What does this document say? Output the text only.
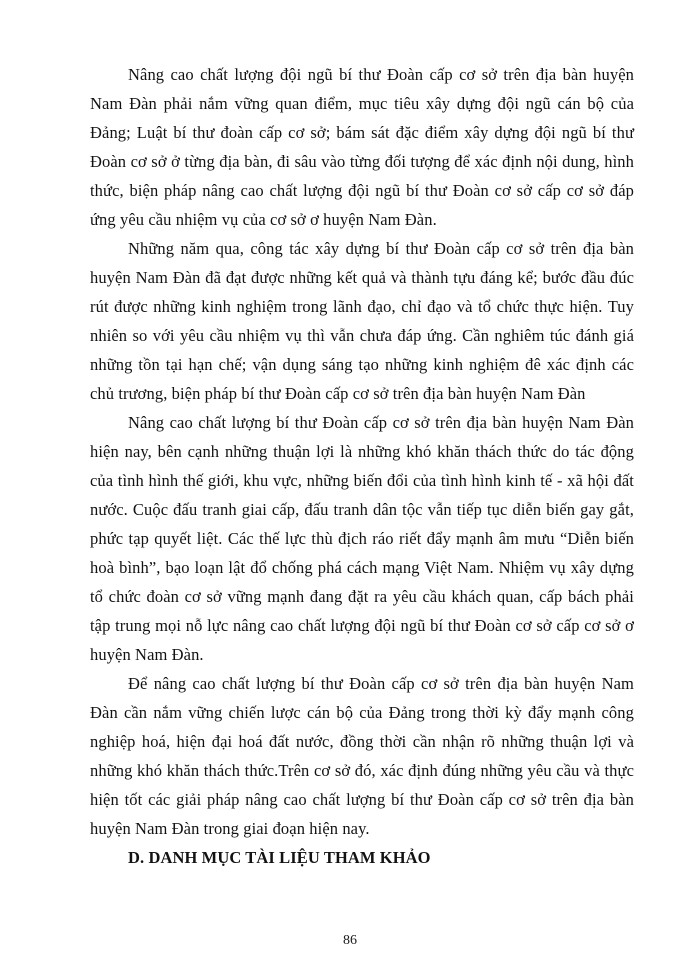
Nâng cao chất lượng đội ngũ bí thư Đoàn cấp cơ sở trên địa bàn huyện Nam Đàn phải nắm vững quan điểm, mục tiêu xây dựng đội ngũ cán bộ của Đảng; Luật bí thư đoàn cấp cơ sở; bám sát đặc điểm xây dựng đội ngũ bí thư Đoàn cơ sở ở từng địa bàn, đi sâu vào từng đối tượng để xác định nội dung, hình thức, biện pháp nâng cao chất lượng đội ngũ bí thư Đoàn cơ sở cấp cơ sở đáp ứng yêu cầu nhiệm vụ của cơ sở ơ huyện Nam Đàn.

Những năm qua, công tác xây dựng bí thư Đoàn cấp cơ sở trên địa bàn huyện Nam Đàn đã đạt được những kết quả và thành tựu đáng kể; bước đầu đúc rút được những kinh nghiệm trong lãnh đạo, chỉ đạo và tổ chức thực hiện. Tuy nhiên so với yêu cầu nhiệm vụ thì vẫn chưa đáp ứng. Cần nghiêm túc đánh giá những tồn tại hạn chế; vận dụng sáng tạo những kinh nghiệm đê xác định các chủ trương, biện pháp bí thư Đoàn cấp cơ sở trên địa bàn huyện Nam Đàn

Nâng cao chất lượng bí thư Đoàn cấp cơ sở trên địa bàn huyện Nam Đàn hiện nay, bên cạnh những thuận lợi là những khó khăn thách thức do tác động của tình hình thế giới, khu vực, những biến đổi của tình hình kinh tế - xã hội đất nước. Cuộc đấu tranh giai cấp, đấu tranh dân tộc vẫn tiếp tục diễn biến gay gắt, phức tạp quyết liệt. Các thế lực thù địch ráo riết đẩy mạnh âm mưu “Diễn biến hoà bình”, bạo loạn lật đổ chống phá cách mạng Việt Nam. Nhiệm vụ xây dựng tổ chức đoàn cơ sở vững mạnh đang đặt ra yêu cầu khách quan, cấp bách phải tập trung mọi nỗ lực nâng cao chất lượng đội ngũ bí thư Đoàn cơ sở cấp cơ sở ơ huyện Nam Đàn.

Để nâng cao chất lượng bí thư Đoàn cấp cơ sở trên địa bàn huyện Nam Đàn cần nắm vững chiến lược cán bộ của Đảng trong thời kỳ đẩy mạnh công nghiệp hoá, hiện đại hoá đất nước, đồng thời cần nhận rõ những thuận lợi và những khó khăn thách thức.Trên cơ sở đó, xác định đúng những yêu cầu và thực hiện tốt các giải pháp nâng cao chất lượng bí thư Đoàn cấp cơ sở trên địa bàn huyện Nam Đàn trong giai đoạn hiện nay.

D. DANH MỤC TÀI LIỆU THAM KHẢO

86
